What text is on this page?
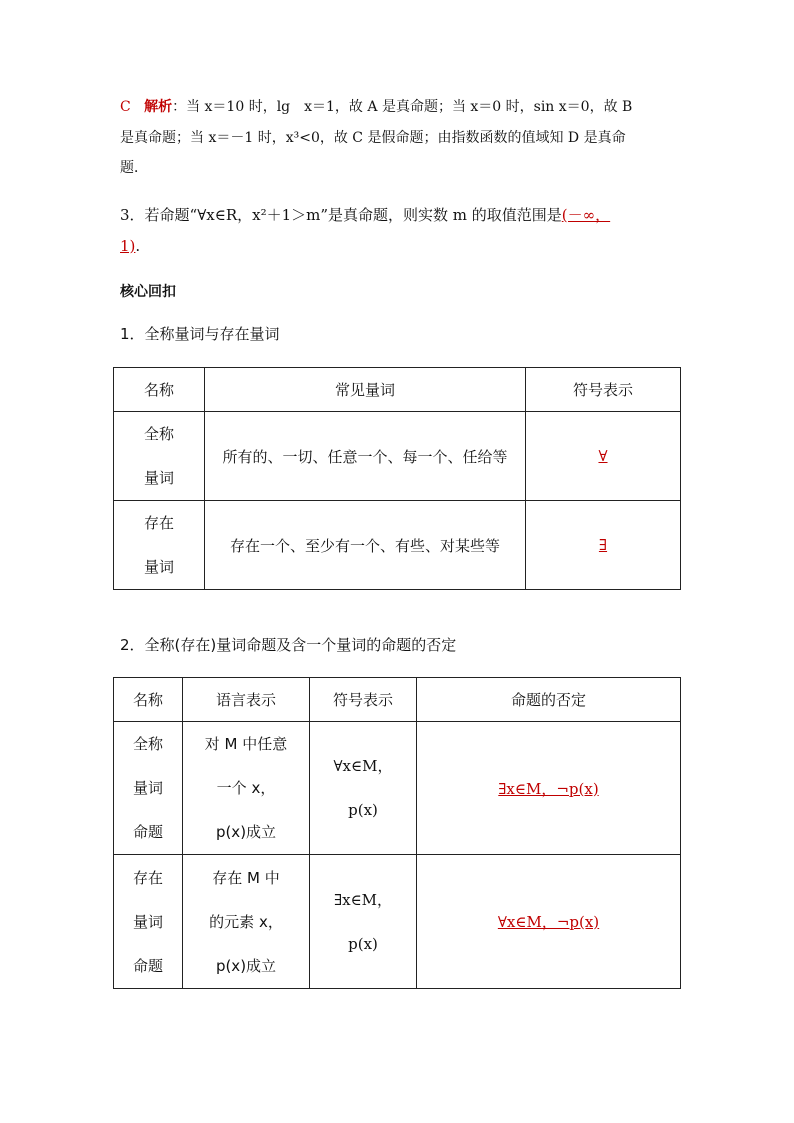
C 解析：当 x＝10 时，lg　x＝1，故 A 是真命题；当 x＝0 时，sin x＝0，故 B
是真命题；当 x＝－1 时，x³<0，故 C 是假命题；由指数函数的值域知 D 是真命
题．
3．若命题“∀x∈R，x²＋1＞m”是真命题，则实数 m 的取值范围是(－∞，
1).
核心回扣
1．全称量词与存在量词
名称	常见量词	符号表示

全称
量词	所有的、一切、任意一个、每一个、任给等	∀

存在
量词	存在一个、至少有一个、有些、对某些等	∃
2．全称(存在)量词命题及含一个量词的命题的否定
名称	语言表示	符号表示	命题的否定

全称
量词
命题	对 M 中任意
一个 x，
p(x)成立	∀x∈M，
p(x)	∃x∈M，¬p(x)

存在
量词
命题	存在 M 中
的元素 x，
p(x)成立	∃x∈M，
p(x)	∀x∈M，¬p(x)
